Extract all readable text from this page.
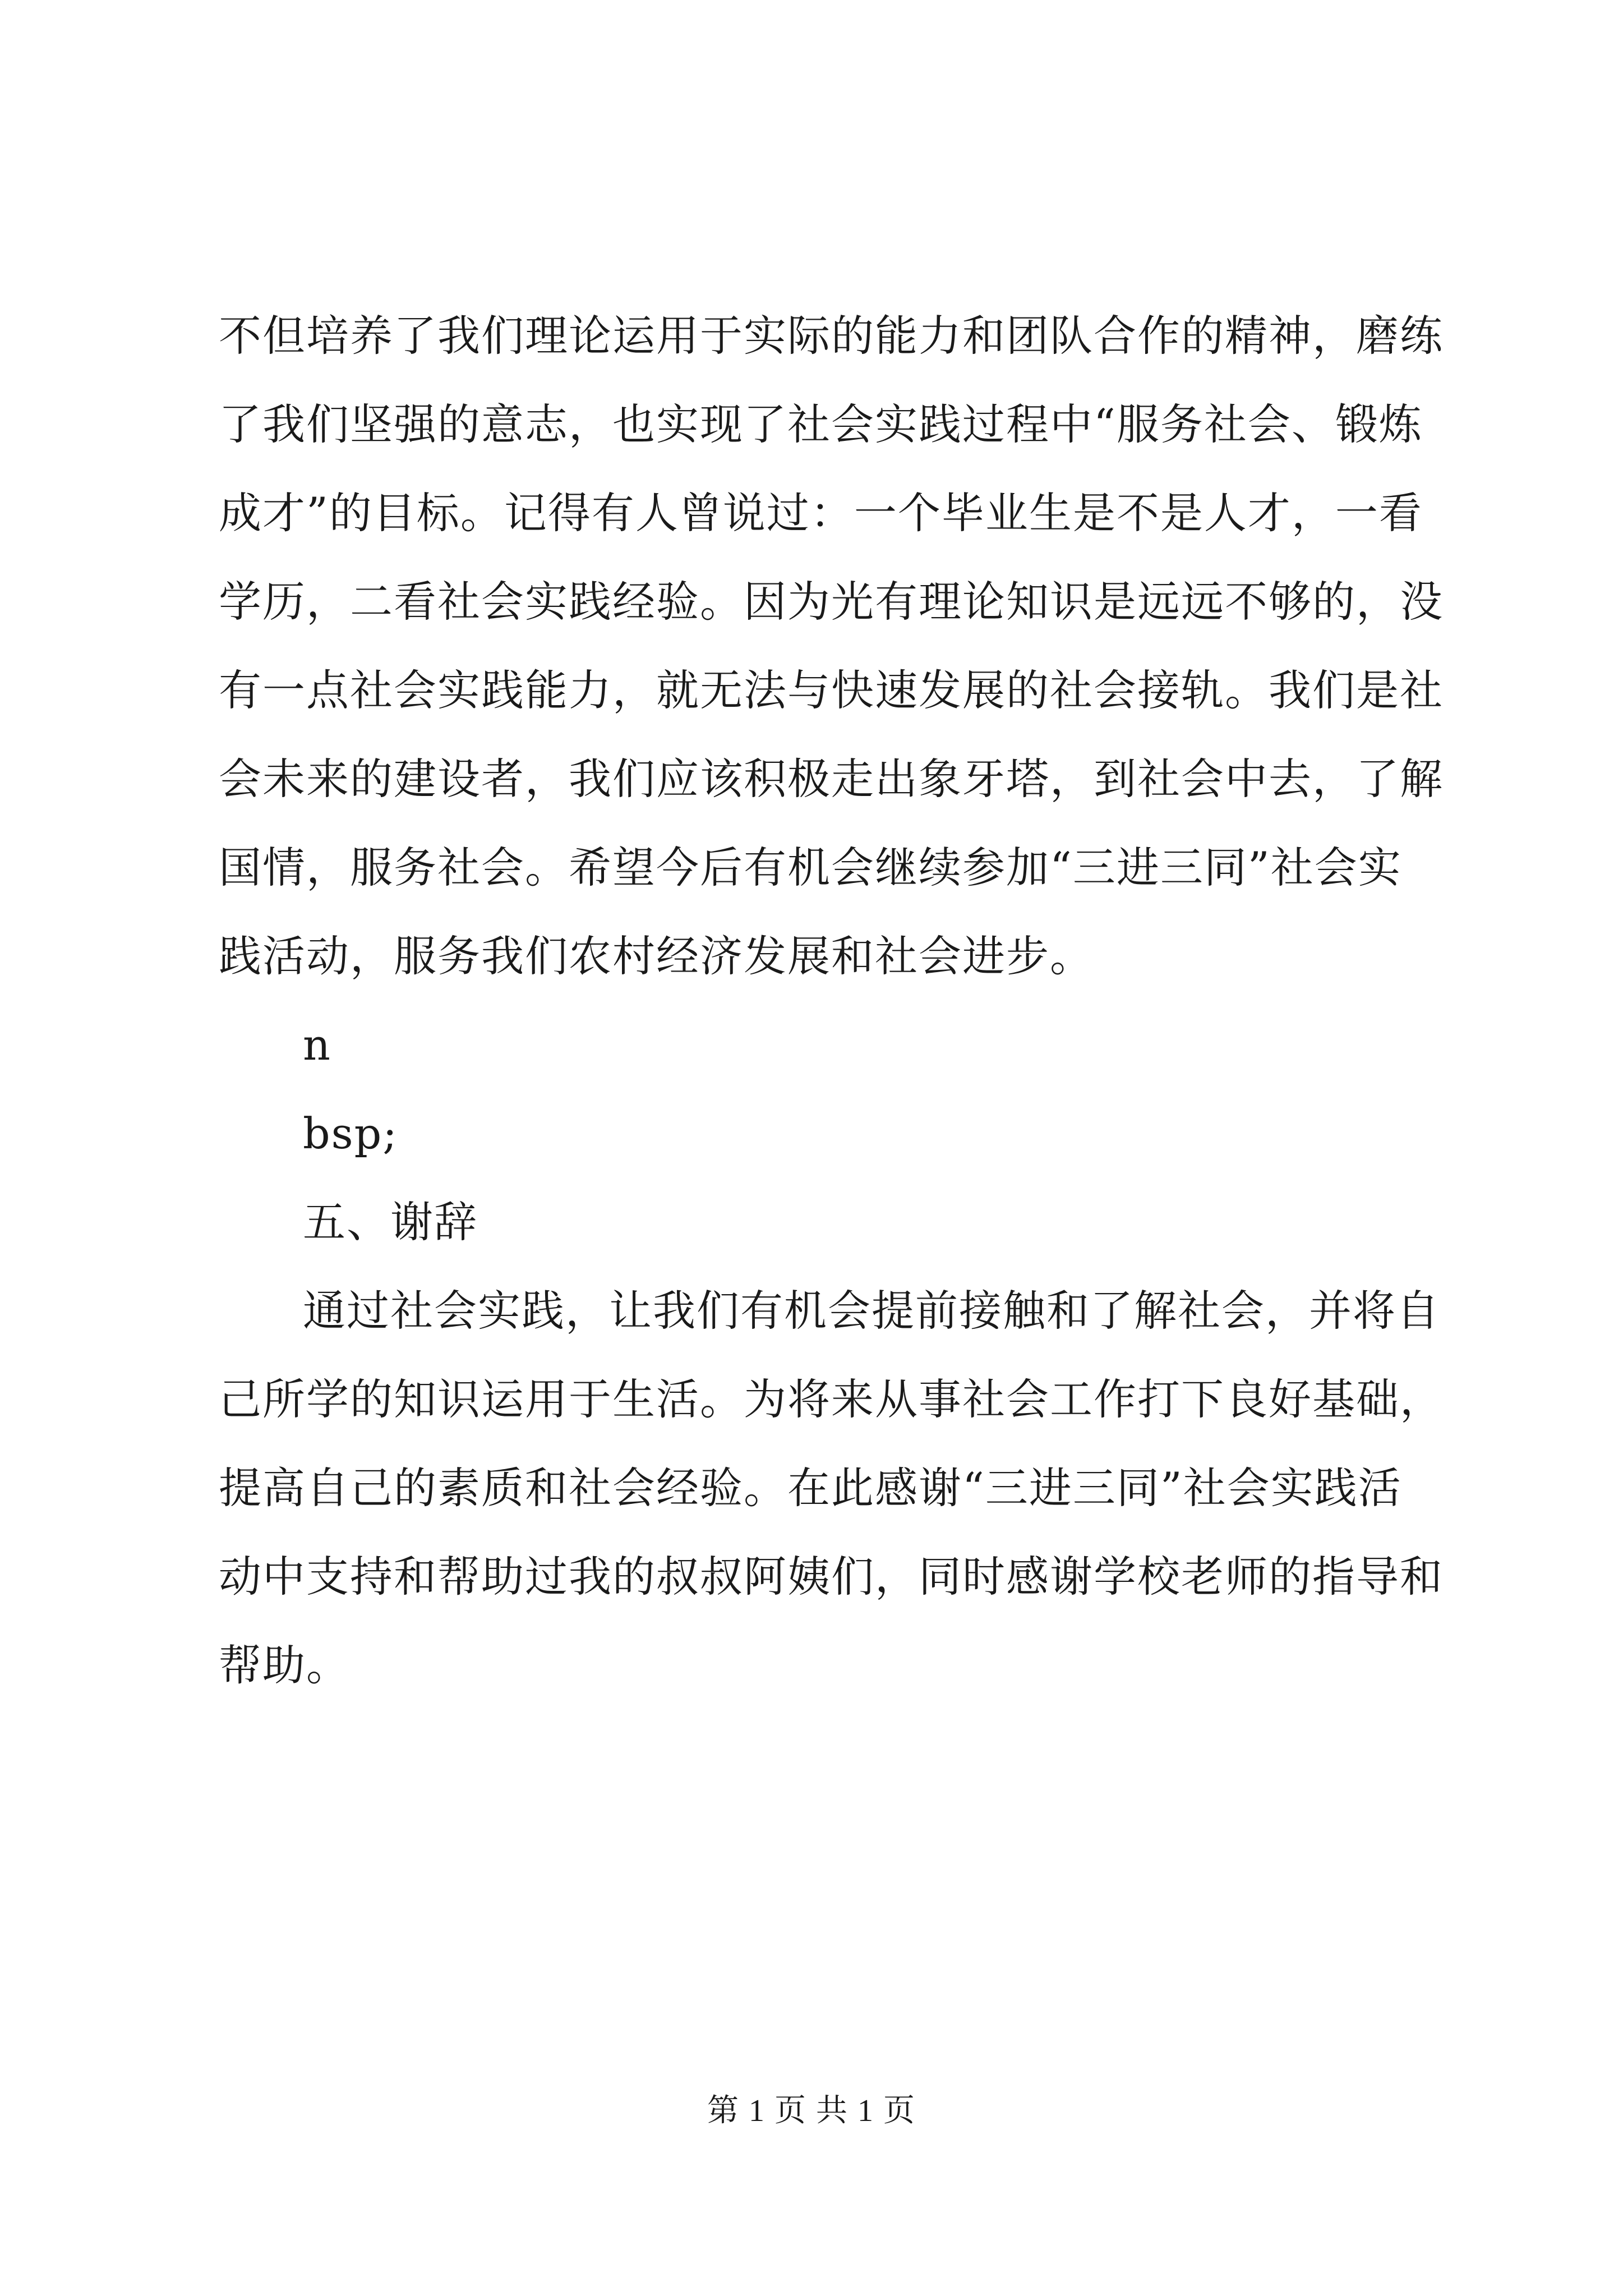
不但培养了我们理论运用于实际的能力和团队合作的精神，磨练
了我们坚强的意志，也实现了社会实践过程中“服务社会、锻炼
成才”的目标。记得有人曾说过：一个毕业生是不是人才，一看
学历，二看社会实践经验。因为光有理论知识是远远不够的，没
有一点社会实践能力，就无法与快速发展的社会接轨。我们是社
会未来的建设者，我们应该积极走出象牙塔，到社会中去，了解
国情，服务社会。希望今后有机会继续参加“三进三同”社会实
践活动，服务我们农村经济发展和社会进步。
n
bsp;
五、谢辞
通过社会实践，让我们有机会提前接触和了解社会，并将自
己所学的知识运用于生活。为将来从事社会工作打下良好基础，
提高自己的素质和社会经验。在此感谢“三进三同”社会实践活
动中支持和帮助过我的叔叔阿姨们，同时感谢学校老师的指导和
帮助。
第 1 页 共 1 页
